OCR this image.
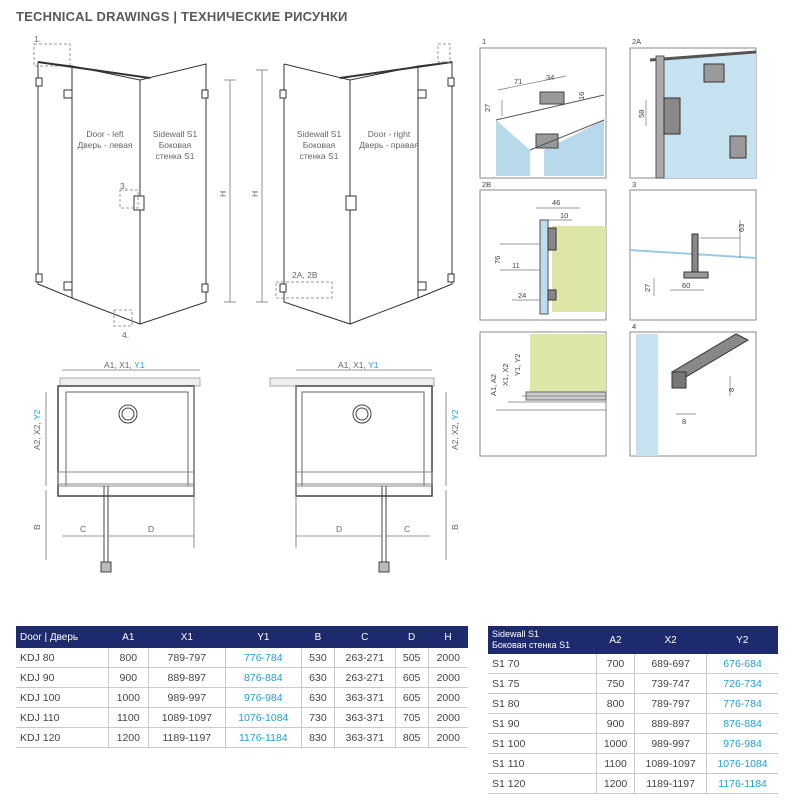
TECHNICAL DRAWINGS | ТЕХНИЧЕСКИЕ РИСУНКИ
1.
3.
4.
Door - left
Дверь - левая
Sidewall S1
Боковая
стенка S1
H
Sidewall S1
Боковая
стенка S1
Door - right
Дверь - правая
2A, 2B
H
A1, X1, Y1
A2, X2, Y2
B	C	D
A1, X1, Y1
A2, X2, Y2
B
D	C
1
71	34
16
27
2A
58
2B
46
10
76
11
24
3
63
27	60
A1, A2 X1, X2 Y1, Y2
4
8
8
Door | Дверь	A1	X1	Y1	B	C	D	H
KDJ 80	800	789-797	776-784	530	263-271	505	2000
KDJ 90	900	889-897	876-884	630	263-271	605	2000
KDJ 100	1000	989-997	976-984	630	363-371	605	2000
KDJ 110	1100	1089-1097	1076-1084	730	363-371	705	2000
KDJ 120	1200	1189-1197	1176-1184	830	363-371	805	2000
Sidewall S1
Боковая стенка S1	A2	X2	Y2
S1 70	700	689-697	676-684
S1 75	750	739-747	726-734
S1 80	800	789-797	776-784
S1 90	900	889-897	876-884
S1 100	1000	989-997	976-984
S1 110	1100	1089-1097	1076-1084
S1 120	1200	1189-1197	1176-1184
